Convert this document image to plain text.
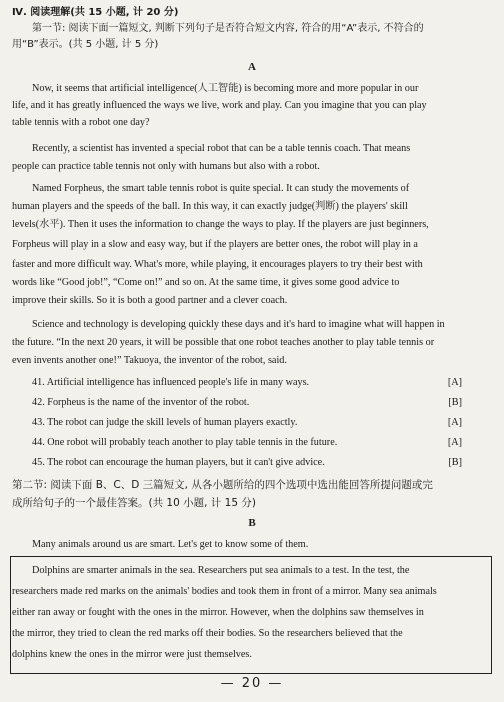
Ⅳ. 阅读理解(共 15 小题, 计 20 分)
第一节: 阅读下面一篇短文, 判断下列句子是否符合短文内容, 符合的用“A”表示, 不符合的
用“B”表示。(共 5 小题, 计 5 分)
A
Now, it seems that artificial intelligence(人工智能) is becoming more and more popular in our
life, and it has greatly influenced the ways we live, work and play. Can you imagine that you can play
table tennis with a robot one day?
Recently, a scientist has invented a special robot that can be a table tennis coach. That means
people can practice table tennis not only with humans but also with a robot.
Named Forpheus, the smart table tennis robot is quite special. It can study the movements of
human players and the speeds of the ball. In this way, it can exactly judge(判断) the players' skill
levels(水平). Then it uses the information to change the ways to play. If the players are just beginners,
Forpheus will play in a slow and easy way, but if the players are better ones, the robot will play in a
faster and more difficult way. What's more, while playing, it encourages players to try their best with
words like “Good job!”, “Come on!” and so on. At the same time, it gives some good advice to
improve their skills. So it is both a good partner and a clever coach.
Science and technology is developing quickly these days and it's hard to imagine what will happen in
the future. “In the next 20 years, it will be possible that one robot teaches another to play table tennis or
even invents another one!” Takuoya, the inventor of the robot, said.
41. Artificial intelligence has influenced people's life in many ways.	[A]
42. Forpheus is the name of the inventor of the robot.	[B]
43. The robot can judge the skill levels of human players exactly.	[A]
44. One robot will probably teach another to play table tennis in the future.	[A]
45. The robot can encourage the human players, but it can't give advice.	[B]
第二节: 阅读下面 B、C、D 三篇短文, 从各小题所给的四个选项中选出能回答所提问题或完
成所给句子的一个最佳答案。(共 10 小题, 计 15 分)
B
Many animals around us are smart. Let's get to know some of them.
Dolphins are smarter animals in the sea. Researchers put sea animals to a test. In the test, the
researchers made red marks on the animals' bodies and took them in front of a mirror. Many sea animals
either ran away or fought with the ones in the mirror. However, when the dolphins saw themselves in
the mirror, they tried to clean the red marks off their bodies. So the researchers believed that the
dolphins knew the ones in the mirror were just themselves.
— 20 —
